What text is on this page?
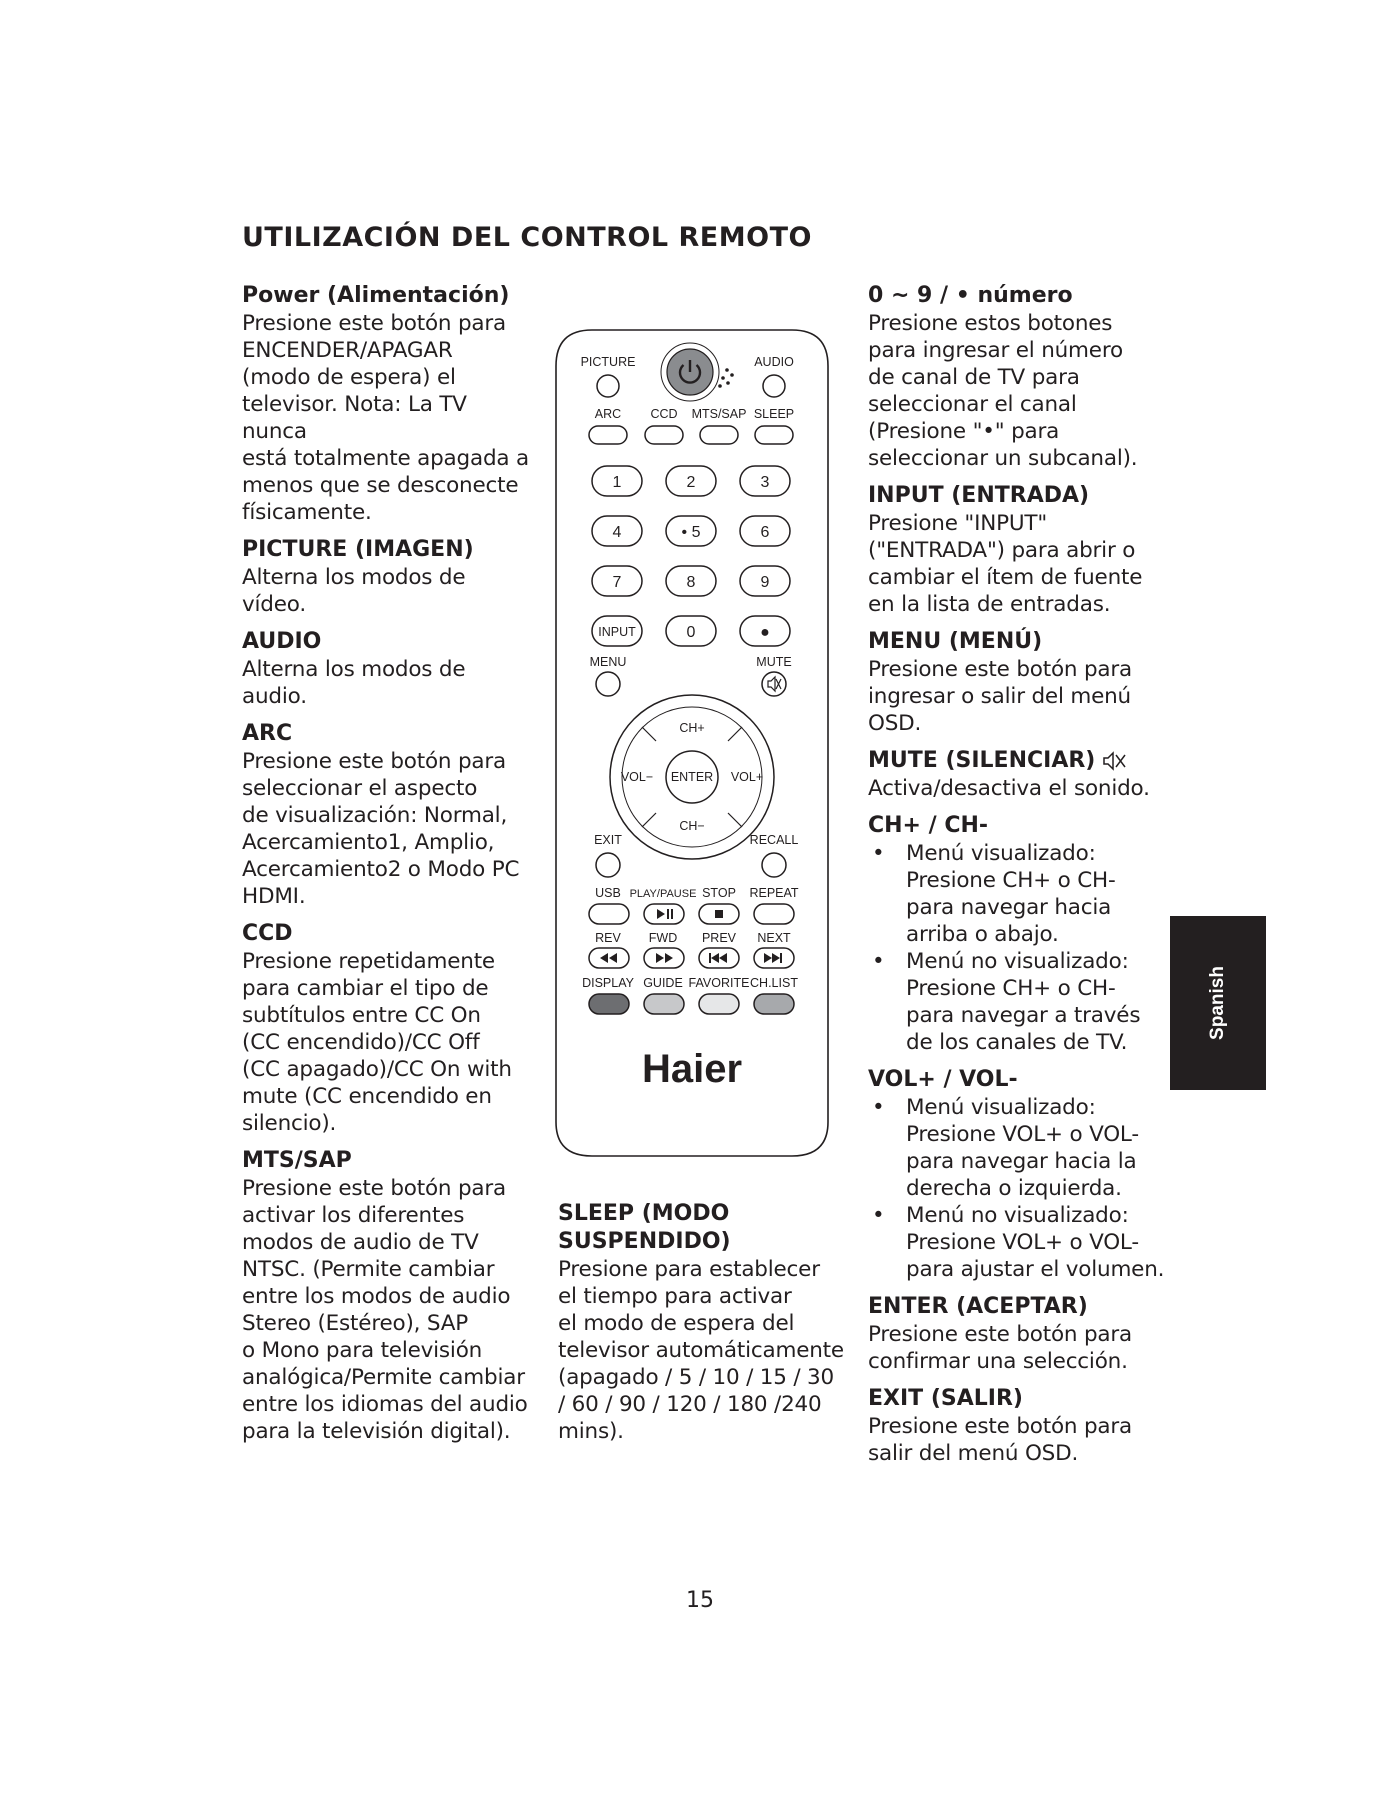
UTILIZACIÓN DEL CONTROL REMOTO
Power (Alimentación)
Presione este botón para
ENCENDER/APAGAR
(modo de espera) el
televisor. Nota: La TV nunca
está totalmente apagada a
menos que se desconecte
físicamente.
PICTURE (IMAGEN)
Alterna los modos de
vídeo.
AUDIO
Alterna los modos de
audio.
ARC
Presione este botón para
seleccionar el aspecto
de visualización: Normal,
Acercamiento1, Amplio,
Acercamiento2 o Modo PC
HDMI.
CCD
Presione repetidamente
para cambiar el tipo de
subtítulos entre CC On
(CC encendido)/CC Off
(CC apagado)/CC On with
mute (CC encendido en
silencio).
MTS/SAP
Presione este botón para
activar los diferentes
modos de audio de TV
NTSC. (Permite cambiar
entre los modos de audio
Stereo (Estéreo), SAP
o Mono para televisión
analógica/Permite cambiar
entre los idiomas del audio
para la televisión digital).
PICTURE	AUDIO
ARC CCD MTS/SAP SLEEP
1	2	3
4	• 5	6
7	8	9
INPUT	0	●
MENU	MUTE
CH+
CH−
VOL−	VOL+
ENTER
EXIT	RECALL
USB PLAY/PAUSE STOP REPEAT
REV FWD PREV NEXT
DISPLAY GUIDE FAVORITE CH.LIST
Haier
SLEEP (MODO
SUSPENDIDO)
Presione para establecer
el tiempo para activar
el modo de espera del
televisor automáticamente
(apagado / 5 / 10 / 15 / 30
/ 60 / 90 / 120 / 180 /240
mins).
0 ~ 9 / • número
Presione estos botones
para ingresar el número
de canal de TV para
seleccionar el canal
(Presione "•" para
seleccionar un subcanal).
INPUT (ENTRADA)
Presione "INPUT"
("ENTRADA") para abrir o
cambiar el ítem de fuente
en la lista de entradas.
MENU (MENÚ)
Presione este botón para
ingresar o salir del menú
OSD.
MUTE (SILENCIAR)
Activa/desactiva el sonido.
CH+ / CH-
• Menú visualizado:
Presione CH+ o CH-
para navegar hacia
arriba o abajo.
• Menú no visualizado:
Presione CH+ o CH-
para navegar a través
de los canales de TV.
VOL+ / VOL-
• Menú visualizado:
Presione VOL+ o VOL-
para navegar hacia la
derecha o izquierda.
• Menú no visualizado:
Presione VOL+ o VOL-
para ajustar el volumen.
ENTER (ACEPTAR)
Presione este botón para
confirmar una selección.
EXIT (SALIR)
Presione este botón para
salir del menú OSD.
Spanish
15
